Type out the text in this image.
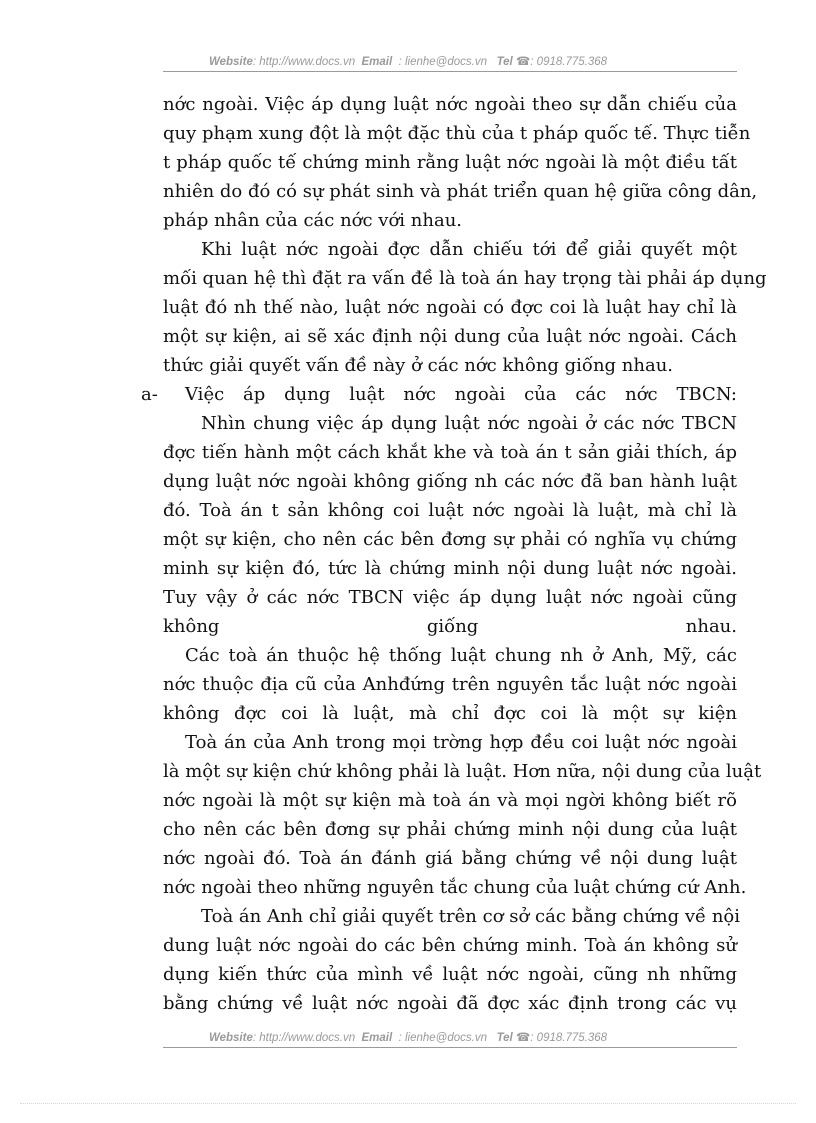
Website: http://www.docs.vn Email : lienhe@docs.vn Tel ☎: 0918.775.368
nớc ngoài. Việc áp dụng luật nớc ngoài theo sự dẫn chiếu của
quy phạm xung đột là một đặc thù của t pháp quốc tế. Thực tiễn
t pháp quốc tế chứng minh rằng luật nớc ngoài là một điều tất
nhiên do đó có sự phát sinh và phát triển quan hệ giữa công dân,
pháp nhân của các nớc với nhau.
Khi luật nớc ngoài đợc dẫn chiếu tới để giải quyết một
mối quan hệ thì đặt ra vấn đề là toà án hay trọng tài phải áp dụng
luật đó nh thế nào, luật nớc ngoài có đợc coi là luật hay chỉ là
một sự kiện, ai sẽ xác định nội dung của luật nớc ngoài. Cách
thức giải quyết vấn đề này ở các nớc không giống nhau.
a- Việc áp dụng luật nớc ngoài của các nớc TBCN:
Nhìn chung việc áp dụng luật nớc ngoài ở các nớc TBCN
đợc tiến hành một cách khắt khe và toà án t sản giải thích, áp
dụng luật nớc ngoài không giống nh các nớc đã ban hành luật
đó. Toà án t sản không coi luật nớc ngoài là luật, mà chỉ là
một sự kiện, cho nên các bên đơng sự phải có nghĩa vụ chứng
minh sự kiện đó, tức là chứng minh nội dung luật nớc ngoài.
Tuy vậy ở các nớc TBCN việc áp dụng luật nớc ngoài cũng
không giống nhau.
Các toà án thuộc hệ thống luật chung nh ở Anh, Mỹ, các
nớc thuộc địa cũ của Anhđứng trên nguyên tắc luật nớc ngoài
không đợc coi là luật, mà chỉ đợc coi là một sự kiện
Toà án của Anh trong mọi trờng hợp đều coi luật nớc ngoài
là một sự kiện chứ không phải là luật. Hơn nữa, nội dung của luật
nớc ngoài là một sự kiện mà toà án và mọi ngời không biết rõ
cho nên các bên đơng sự phải chứng minh nội dung của luật
nớc ngoài đó. Toà án đánh giá bằng chứng về nội dung luật
nớc ngoài theo những nguyên tắc chung của luật chứng cứ Anh.
Toà án Anh chỉ giải quyết trên cơ sở các bằng chứng về nội
dung luật nớc ngoài do các bên chứng minh. Toà án không sử
dụng kiến thức của mình về luật nớc ngoài, cũng nh những
bằng chứng về luật nớc ngoài đã đợc xác định trong các vụ
Website: http://www.docs.vn Email : lienhe@docs.vn Tel ☎: 0918.775.368
